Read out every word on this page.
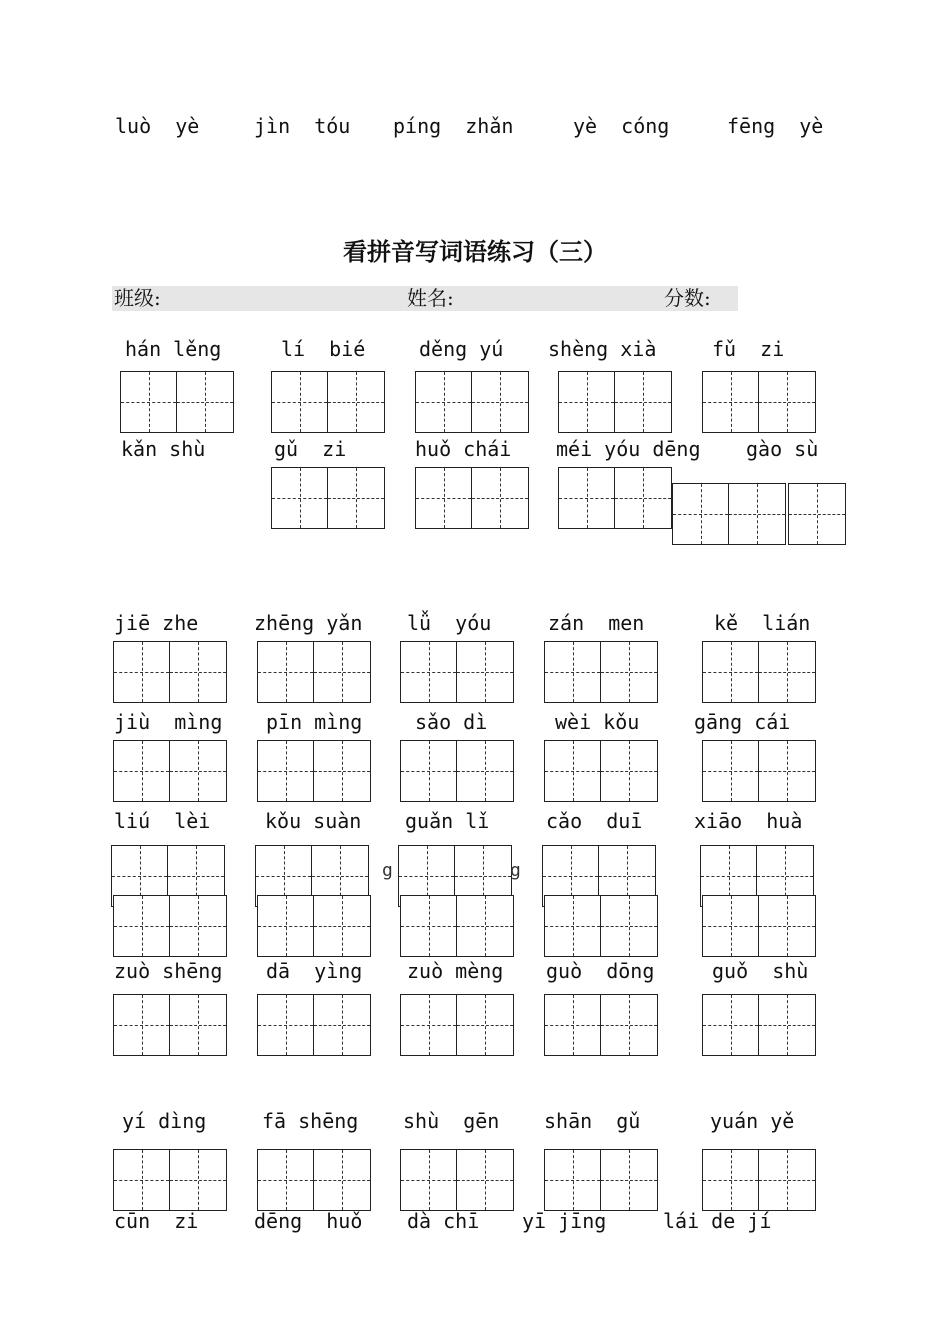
luò  yè	jìn  tóu píng  zhǎn	yè  cóng	fēng  yè
看拼音写词语练习（三）
班级:	姓名:	分数:
hán lěng	lí  bié	děng yú shèng xià	fǔ  zi
kǎn shù	gǔ  zi	huǒ chái méi yóu dēng gào sù
jiē zhe	zhēng yǎn lǚ  yóu	zán  men	kě  lián
jiù  mìng pīn mìng	sǎo dì	wèi kǒu	gāng cái
liú  lèi	kǒu suàn guǎn lǐ	cǎo  duī	xiāo  huà
zuò shēng dā  yìng zuò mèng guò  dōng	guǒ  shù
g	g
yí dìng	fā shēng shù  gēn shān  gǔ	yuán yě
cūn  zi	dēng  huǒ dà chī yī jīng	lái de jí
